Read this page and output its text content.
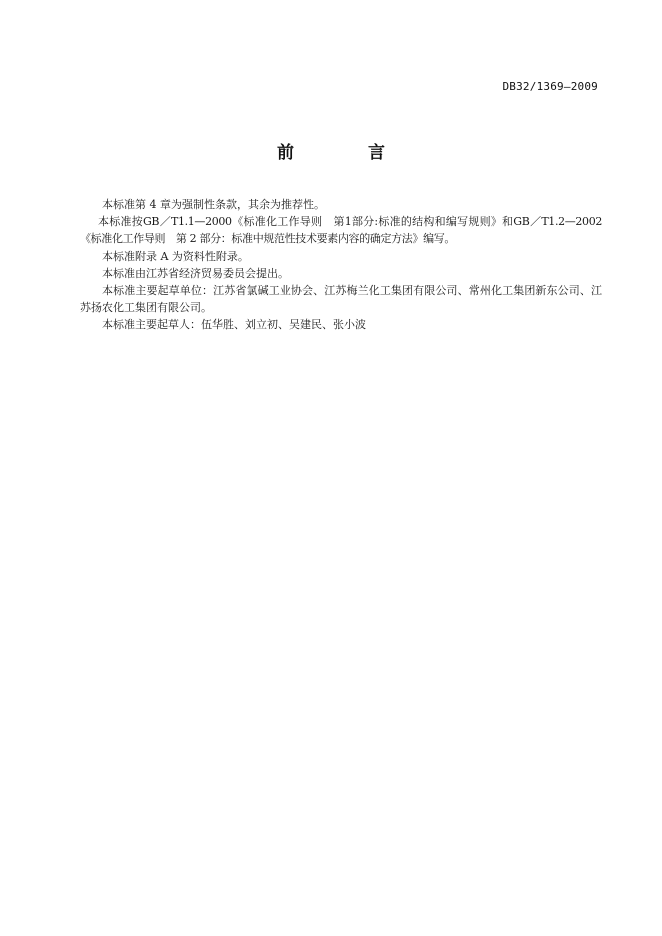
DB32/1369—2009
前 言

本标准第 4 章为强制性条款，其余为推荐性。

本标准按GB／T1.1—2000《标准化工作导则　第1部分:标准的结构和编写规则》和GB／T1.2—2002《标准化工作导则　第 2 部分：标准中规范性技术要素内容的确定方法》编写。

本标准附录 A 为资料性附录。

本标准由江苏省经济贸易委员会提出。

本标准主要起草单位：江苏省氯碱工业协会、江苏梅兰化工集团有限公司、常州化工集团新东公司、江苏扬农化工集团有限公司。

本标准主要起草人：伍华胜、刘立初、吴建民、张小波
